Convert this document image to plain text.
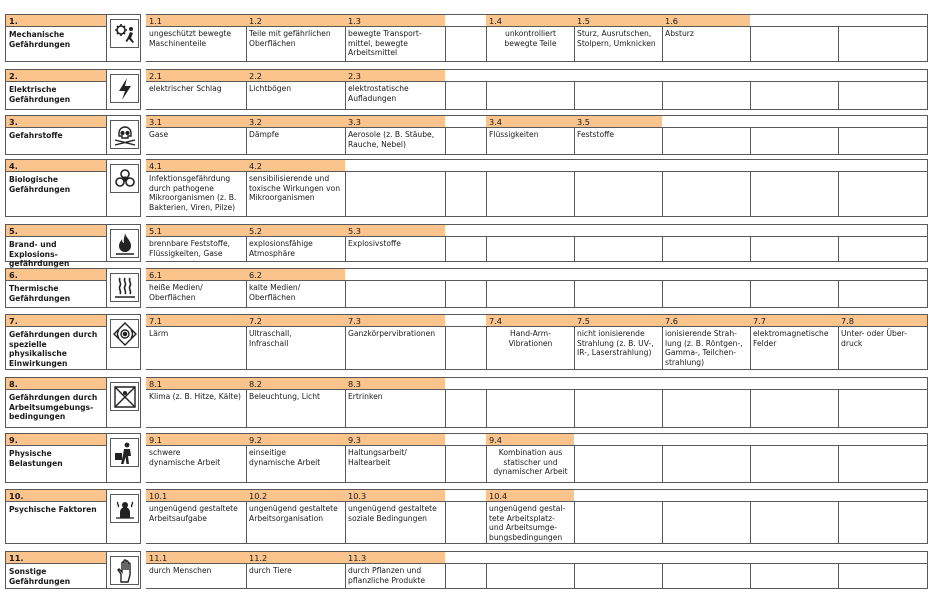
1.
Mechanische
Gefährdungen
1.1
ungeschützt bewegte
Maschinenteile
1.2
Teile mit gefährlichen
Oberflächen
1.3
bewegte Transport-
mittel, bewegte
Arbeitsmittel
1.4
unkontrolliert
bewegte Teile
1.5
Sturz, Ausrutschen,
Stolpern, Umknicken
1.6
Absturz
2.
Elektrische
Gefährdungen
2.1
elektrischer Schlag
2.2
Lichtbögen
2.3
elektrostatische
Aufladungen
3.
Gefahrstoffe
3.1
Gase
3.2
Dämpfe
3.3
Aerosole (z. B. Stäube,
Rauche, Nebel)
3.4
Flüssigkeiten
3.5
Feststoffe
4.
Biologische
Gefährdungen
4.1
Infektionsgefährdung
durch pathogene
Mikroorganismen (z. B.
Bakterien, Viren, Pilze)
4.2
sensibilisierende und
toxische Wirkungen von
Mikroorganismen
5.
Brand- und Explosions-
gefährdungen
5.1
brennbare Feststoffe,
Flüssigkeiten, Gase
5.2
explosionsfähige
Atmosphäre
5.3
Explosivstoffe
6.
Thermische
Gefährdungen
6.1
heiße Medien/
Oberflächen
6.2
kalte Medien/
Oberflächen
7.
Gefährdungen durch
spezielle physikalische
Einwirkungen
7.1
Lärm
7.2
Ultraschall,
Infraschall
7.3
Ganzkörpervibrationen
7.4
Hand-Arm-
Vibrationen
7.5
nicht ionisierende
Strahlung (z. B. UV-,
IR-, Laserstrahlung)
7.6
ionisierende Strah-
lung (z. B. Röntgen-,
Gamma-, Teilchen-
strahlung)
7.7
elektromagnetische
Felder
7.8
Unter- oder Über-
druck
8.
Gefährdungen durch
Arbeitsumgebungs-
bedingungen
8.1
Klima (z. B. Hitze, Kälte)
8.2
Beleuchtung, Licht
8.3
Ertrinken
9.
Physische Belastungen
9.1
schwere
dynamische Arbeit
9.2
einseitige
dynamische Arbeit
9.3
Haltungsarbeit/
Haltearbeit
9.4
Kombination aus
statischer und
dynamischer Arbeit
10.
Psychische Faktoren
10.1
ungenügend gestaltete
Arbeitsaufgabe
10.2
ungenügend gestaltete
Arbeitsorganisation
10.3
ungenügend gestaltete
soziale Bedingungen
10.4
ungenügend gestal-
tete Arbeitsplatz-
und Arbeitsumge-
bungsbedingungen
11.
Sonstige
Gefährdungen
11.1
durch Menschen
11.2
durch Tiere
11.3
durch Pflanzen und
pflanzliche Produkte
